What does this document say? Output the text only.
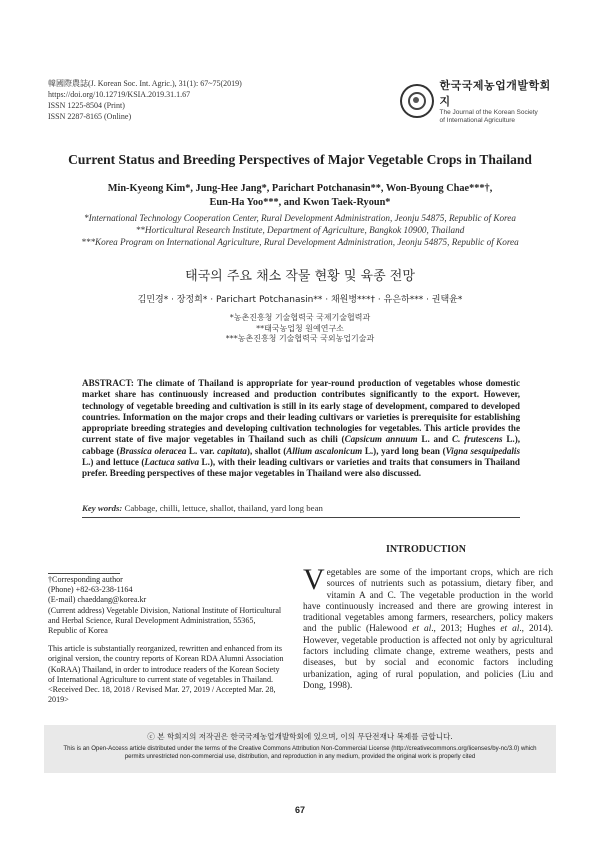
韓國際農誌(J. Korean Soc. Int. Agric.), 31(1): 67~75(2019)
https://doi.org/10.12719/KSIA.2019.31.1.67
ISSN 1225-8504 (Print)
ISSN 2287-8165 (Online)
한국국제농업개발학회지
The Journal of the Korean Society
of International Agriculture
Current Status and Breeding Perspectives of Major Vegetable Crops in Thailand
Min-Kyeong Kim*, Jung-Hee Jang*, Parichart Potchanasin**, Won-Byoung Chae***†,
Eun-Ha Yoo***, and Kwon Taek-Ryoun*
*International Technology Cooperation Center, Rural Development Administration, Jeonju 54875, Republic of Korea
**Horticultural Research Institute, Department of Agriculture, Bangkok 10900, Thailand
***Korea Program on International Agriculture, Rural Development Administration, Jeonju 54875, Republic of Korea
태국의 주요 채소 작물 현황 및 육종 전망
김민경* · 장정희* · Parichart Potchanasin** · 채원병***† · 유은하*** · 권택윤*
*농촌진흥청 기술협력국 국제기술협력과
**태국농업청 원예연구소
***농촌진흥청 기술협력국 국외농업기술과
ABSTRACT: The climate of Thailand is appropriate for year-round production of vegetables whose domestic market share has continuously increased and production contributes significantly to the export. However, technology of vegetable breeding and cultivation is still in its early stage of development, compared to developed countries. Information on the major crops and their leading cultivars or varieties is prerequisite for establishing appropriate breeding strategies and developing cultivation technologies for vegetables. This article provides the current state of five major vegetables in Thailand such as chili (Capsicum annuum L. and C. frutescens L.), cabbage (Brassica oleracea L. var. capitata), shallot (Allium ascalonicum L.), yard long bean (Vigna sesquipedalis L.) and lettuce (Lactuca sativa L.), with their leading cultivars or varieties and traits that consumers in Thailand prefer. Breeding perspectives of these major vegetables in Thailand were also discussed.
Key words: Cabbage, chilli, lettuce, shallot, thailand, yard long bean
INTRODUCTION
Vegetables are some of the important crops, which are rich sources of nutrients such as potassium, dietary fiber, and vitamin A and C. The vegetable production in the world have continuously increased and there are growing interest in traditional vegetables among farmers, researchers, policy makers and the public (Halewood et al., 2013; Hughes et al., 2014). However, vegetable production is affected not only by agricultural factors including climate change, extreme weathers, pests and diseases, but by social and economic factors including urbanization, aging of rural population, and policies (Liu and Dong, 1998).

†Corresponding author

(Phone) +82-63-238-1164

(E-mail) chaeddang@korea.kr

(Current address) Vegetable Division, National Institute of Horticultural and Herbal Science, Rural Development Administration, 55365, Republic of Korea

This article is substantially reorganized, rewritten and enhanced from its original version, the country reports of Korean RDA Alumni Association (KoRAA) Thailand, in order to introduce readers of the Korean Society of International Agriculture to current state of vegetables in Thailand.

<Received Dec. 18, 2018 / Revised Mar. 27, 2019 / Accepted Mar. 28, 2019>

ⓒ 본 학회지의 저작권은 한국국제농업개발학회에 있으며, 이의 무단전재나 복제를 금합니다.
This is an Open-Access article distributed under the terms of the Creative Commons Attribution Non-Commercial License (http://creativecommons.org/licenses/by-nc/3.0) which
permits unrestricted non-commercial use, distribution, and reproduction in any medium, provided the original work is properly cited
67
